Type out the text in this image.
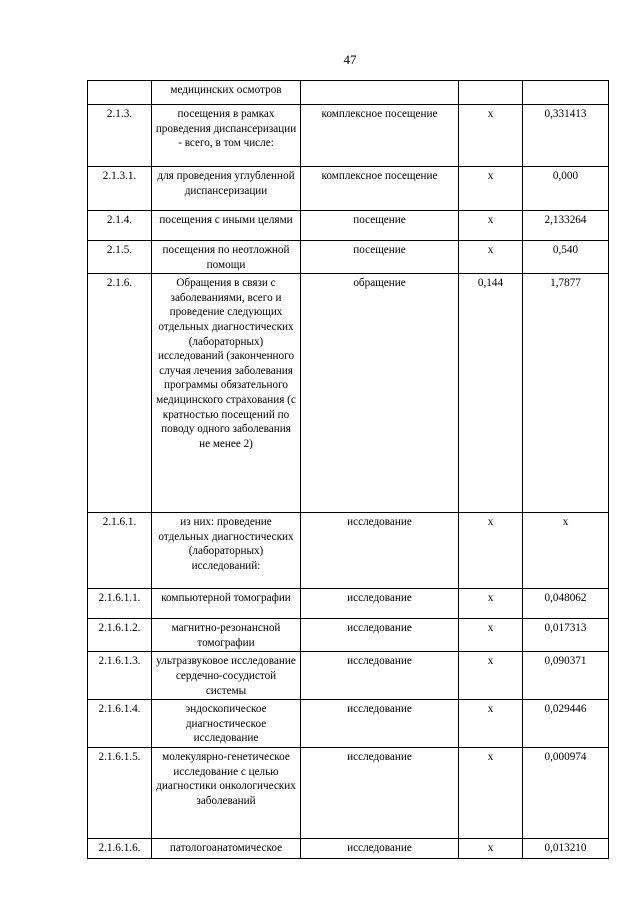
47
	медицинских осмотров			
2.1.3.	посещения в рамках проведения диспансеризации - всего, в том числе:	комплексное посещение	x	0,331413
2.1.3.1.	для проведения углубленной диспансеризации	комплексное посещение	x	0,000
2.1.4.	посещения с иными целями	посещение	x	2,133264
2.1.5.	посещения по неотложной помощи	посещение	x	0,540
2.1.6.	Обращения в связи с заболеваниями, всего и проведение следующих отдельных диагностических (лабораторных) исследований (законченного случая лечения заболевания программы обязательного медицинского страхования (с кратностью посещений по поводу одного заболевания не менее 2)	обращение	0,144	1,7877
2.1.6.1.	из них: проведение отдельных диагностических (лабораторных) исследований:	исследование	x	x
2.1.6.1.1.	компьютерной томографии	исследование	x	0,048062
2.1.6.1.2.	магнитно-резонансной томографии	исследование	x	0,017313
2.1.6.1.3.	ультразвуковое исследование сердечно-сосудистой системы	исследование	x	0,090371
2.1.6.1.4.	эндоскопическое диагностическое исследование	исследование	x	0,029446
2.1.6.1.5.	молекулярно-генетическое исследование с целью диагностики онкологических заболеваний	исследование	x	0,000974
2.1.6.1.6.	патологоанатомическое	исследование	x	0,013210
